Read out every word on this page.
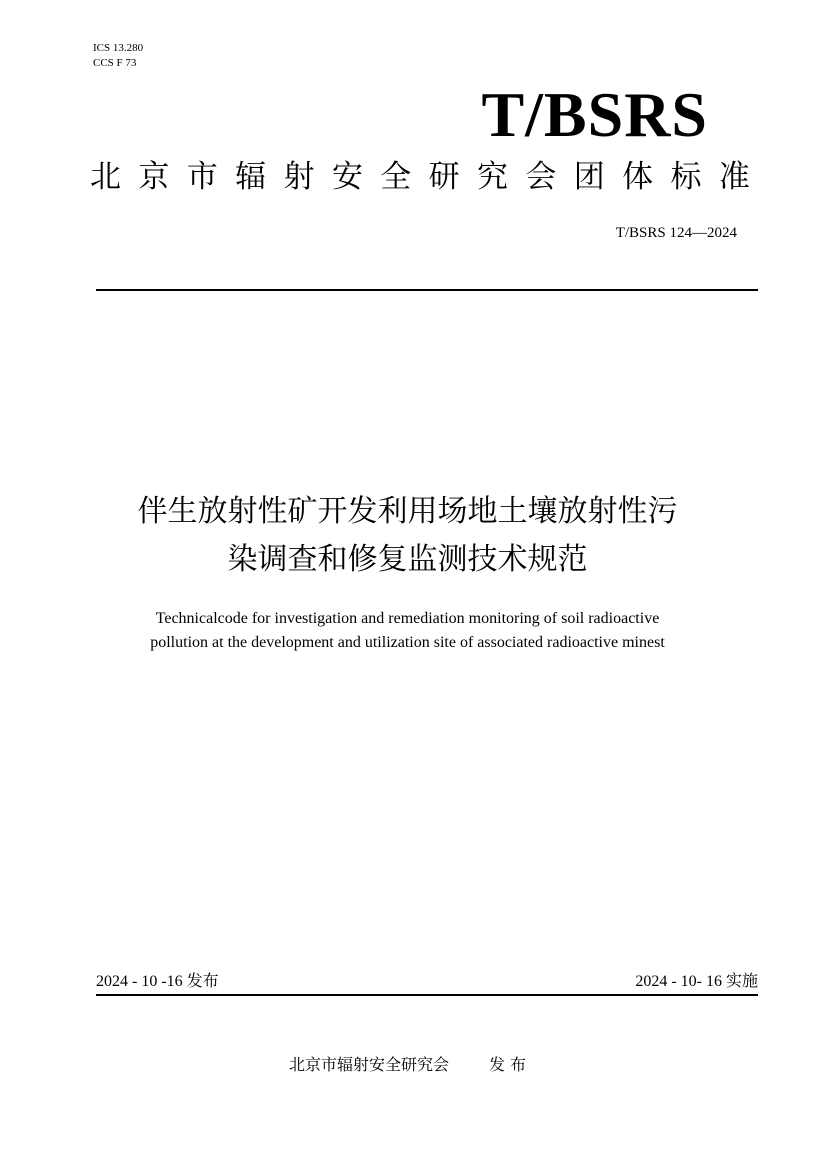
ICS 13.280
CCS F 73
T/BSRS
北 京 市 辐 射 安 全 研 究 会 团 体 标 准
T/BSRS 124—2024
伴生放射性矿开发利用场地土壤放射性污
染调查和修复监测技术规范
Technicalcode for investigation and remediation monitoring of soil radioactive
pollution at the development and utilization site of associated radioactive minest
2024 - 10 -16 发布	2024 - 10- 16 实施
北京市辐射安全研究会	发 布
